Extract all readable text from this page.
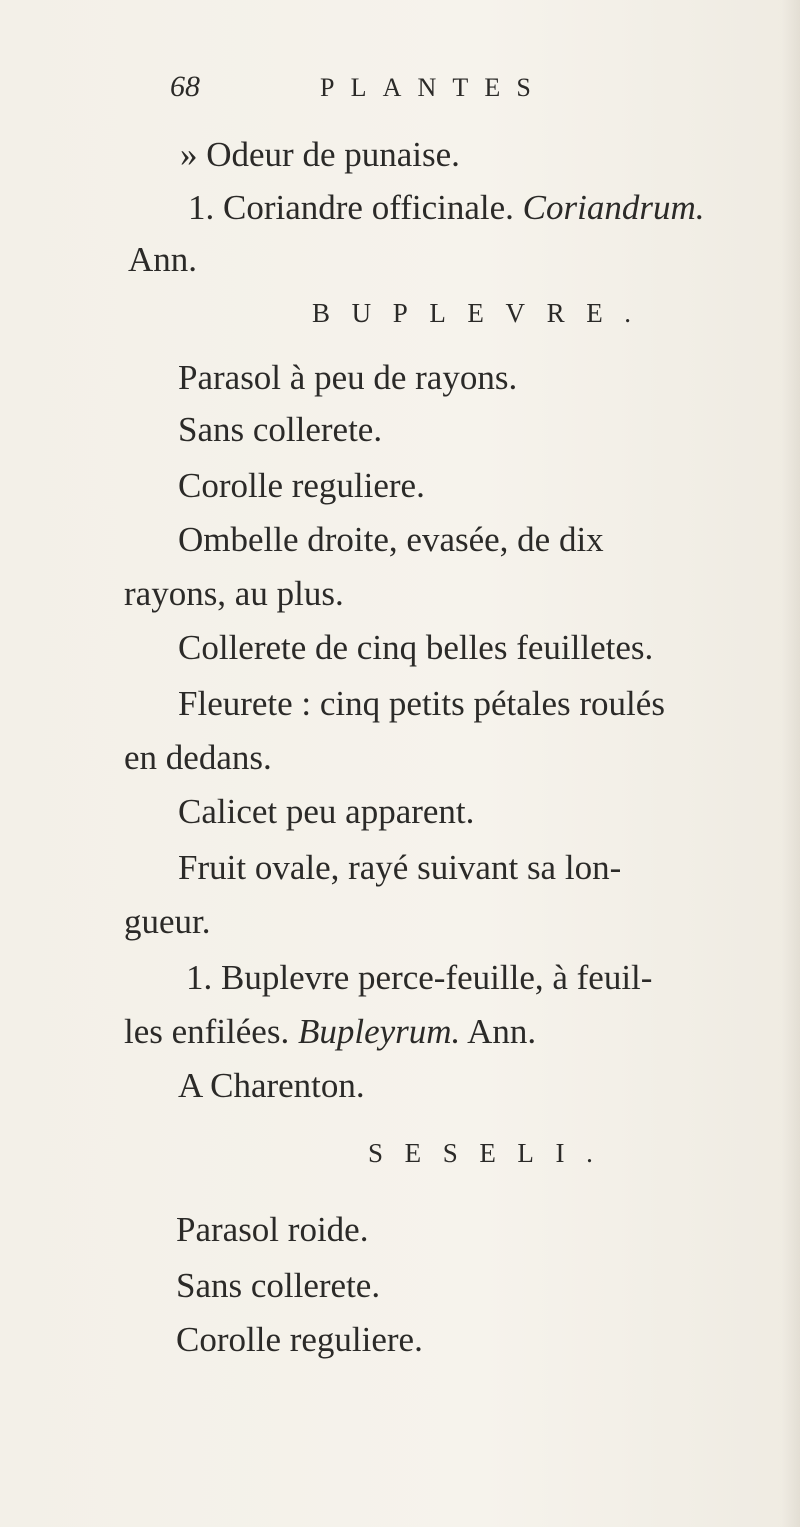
68	PLANTES
» Odeur de punaise.
1. Coriandre officinale. Coriandrum.
Ann.
BUPLEVRE.
Parasol à peu de rayons.
Sans collerete.
Corolle reguliere.
Ombelle droite, evasée, de dix
rayons, au plus.
Collerete de cinq belles feuilletes.
Fleurete : cinq petits pétales roulés
en dedans.
Calicet peu apparent.
Fruit ovale, rayé suivant sa lon-
gueur.
1. Buplevre perce-feuille, à feuil-
les enfilées. Bupleyrum. Ann.
A Charenton.
SESELI.
Parasol roide.
Sans collerete.
Corolle reguliere.
